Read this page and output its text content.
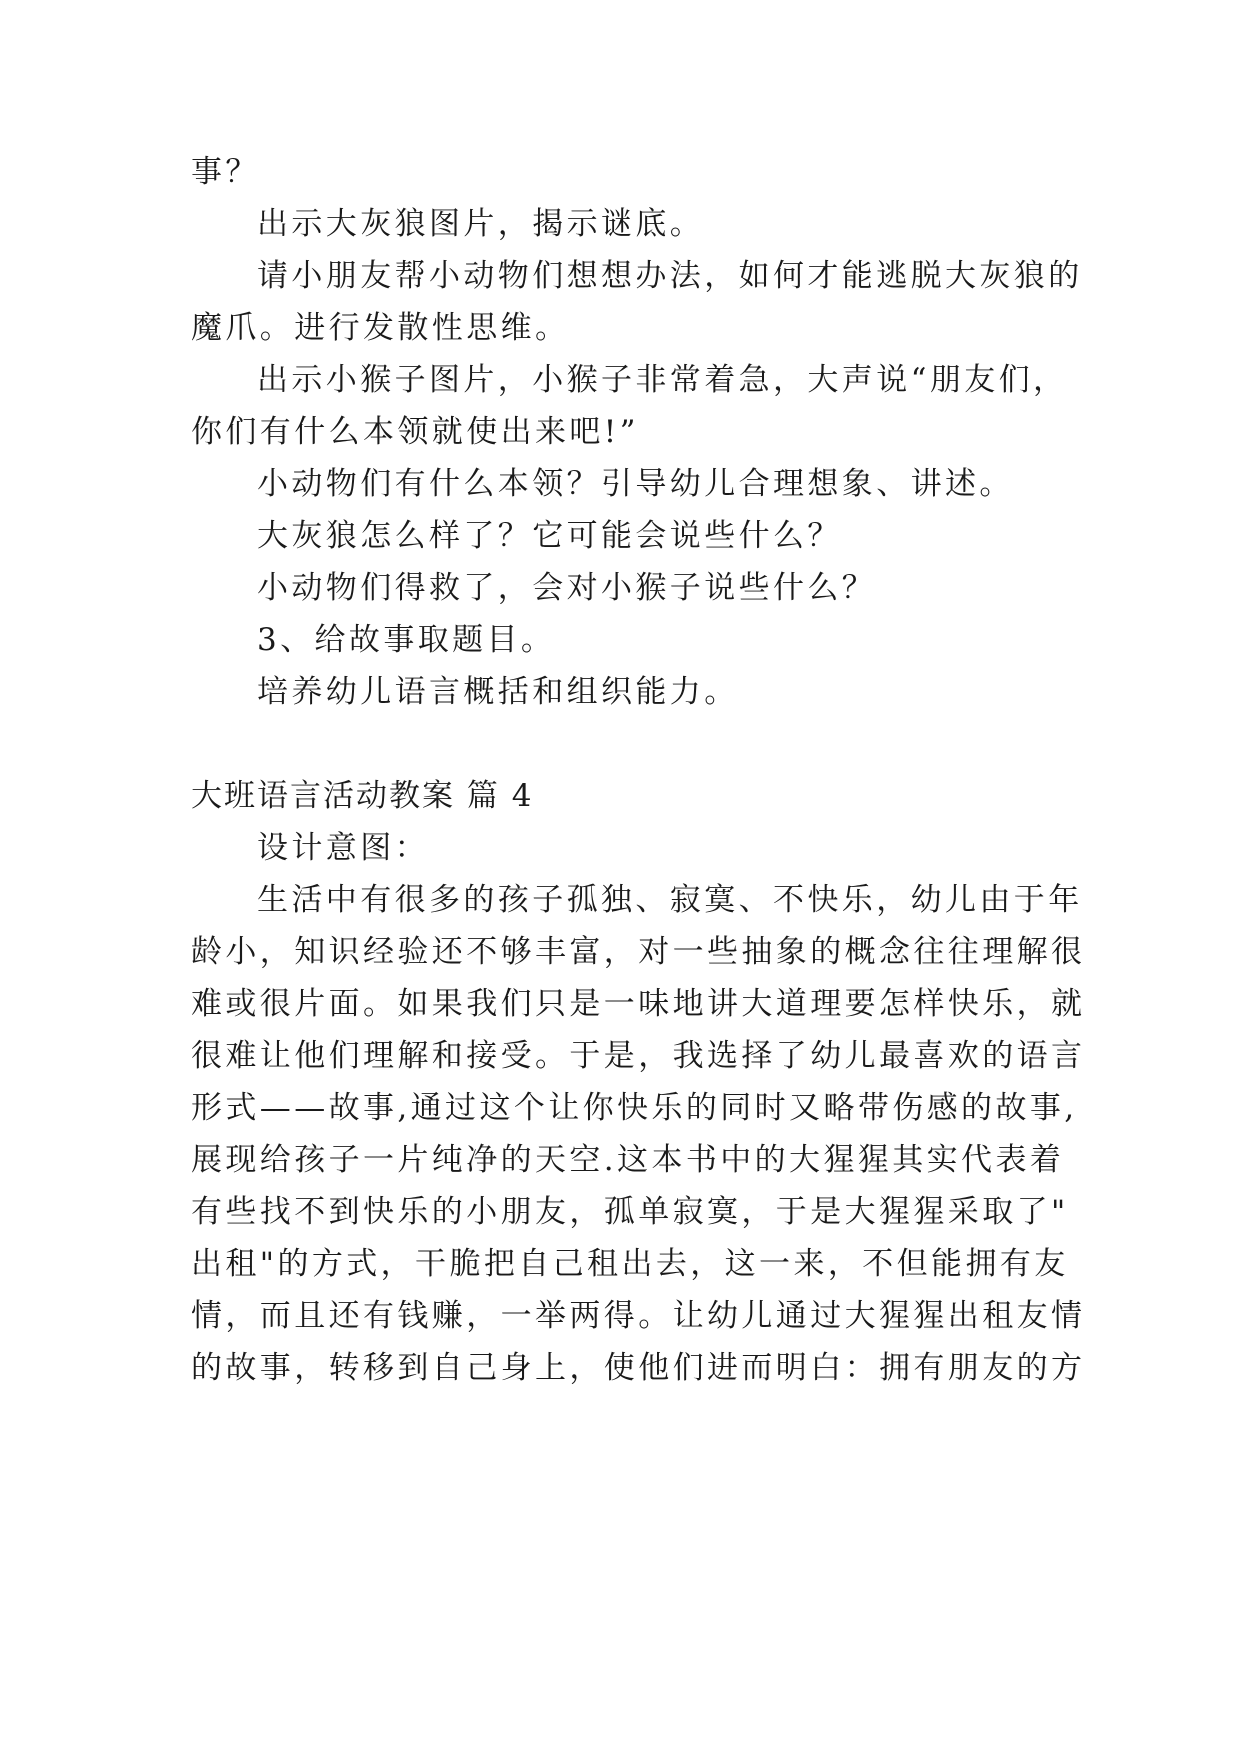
事？
出示大灰狼图片，揭示谜底。
请小朋友帮小动物们想想办法，如何才能逃脱大灰狼的
魔爪。进行发散性思维。
出示小猴子图片，小猴子非常着急，大声说“朋友们，
你们有什么本领就使出来吧!”
小动物们有什么本领？引导幼儿合理想象、讲述。
大灰狼怎么样了？它可能会说些什么？
小动物们得救了，会对小猴子说些什么？
3、给故事取题目。
培养幼儿语言概括和组织能力。
大班语言活动教案 篇 4
设计意图：
生活中有很多的孩子孤独、寂寞、不快乐，幼儿由于年
龄小，知识经验还不够丰富，对一些抽象的概念往往理解很
难或很片面。如果我们只是一味地讲大道理要怎样快乐，就
很难让他们理解和接受。于是，我选择了幼儿最喜欢的语言
形式——故事,通过这个让你快乐的同时又略带伤感的故事,
展现给孩子一片纯净的天空.这本书中的大猩猩其实代表着
有些找不到快乐的小朋友，孤单寂寞，于是大猩猩采取了"
出租"的方式，干脆把自己租出去，这一来，不但能拥有友
情，而且还有钱赚，一举两得。让幼儿通过大猩猩出租友情
的故事，转移到自己身上，使他们进而明白：拥有朋友的方
